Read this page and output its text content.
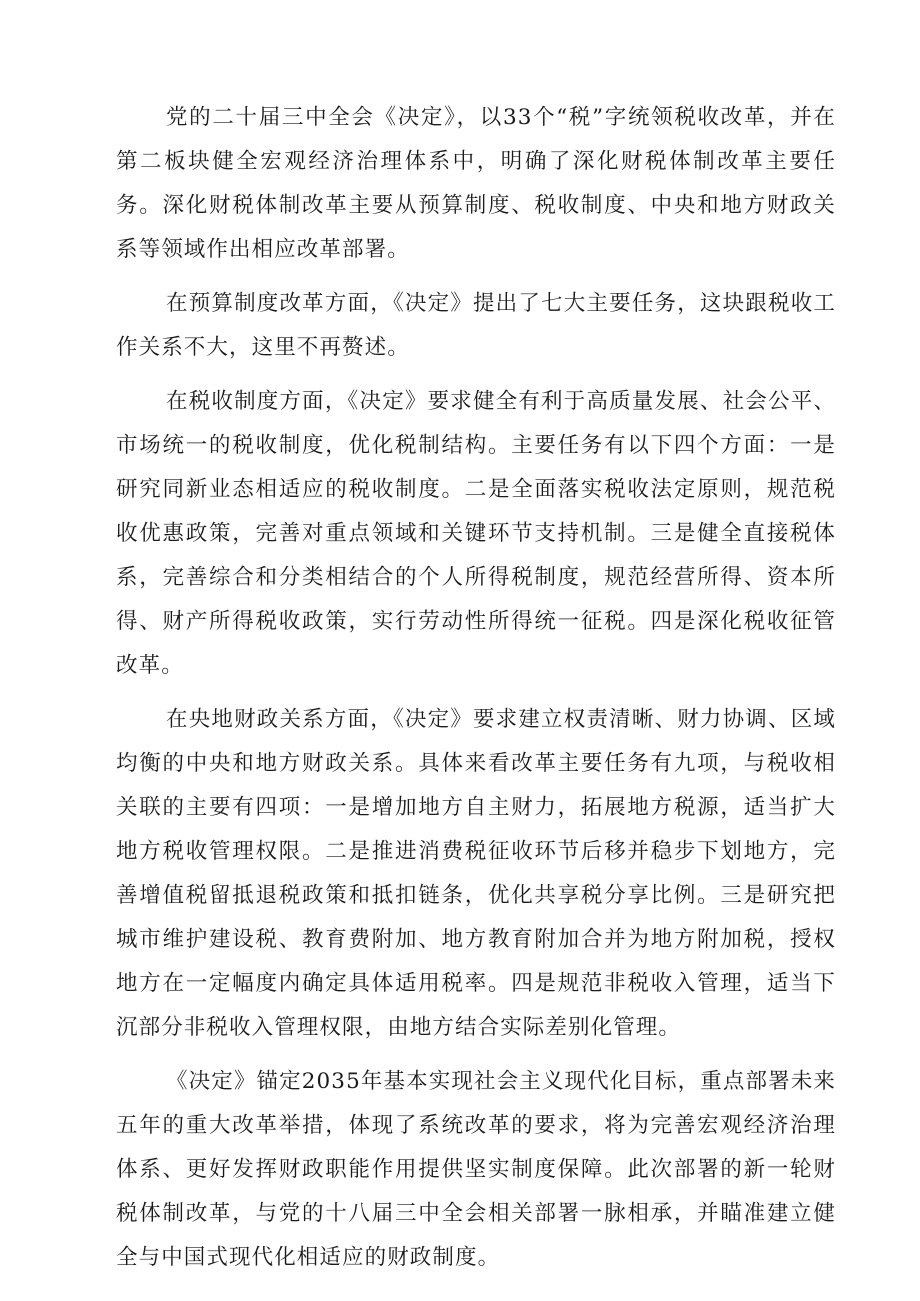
党的二十届三中全会《决定》，以33个“税”字统领税收改革，并在第二板块健全宏观经济治理体系中，明确了深化财税体制改革主要任务。深化财税体制改革主要从预算制度、税收制度、中央和地方财政关系等领域作出相应改革部署。

在预算制度改革方面，《决定》提出了七大主要任务，这块跟税收工作关系不大，这里不再赘述。

在税收制度方面，《决定》要求健全有利于高质量发展、社会公平、市场统一的税收制度，优化税制结构。主要任务有以下四个方面：一是研究同新业态相适应的税收制度。二是全面落实税收法定原则，规范税收优惠政策，完善对重点领域和关键环节支持机制。三是健全直接税体系，完善综合和分类相结合的个人所得税制度，规范经营所得、资本所得、财产所得税收政策，实行劳动性所得统一征税。四是深化税收征管改革。

在央地财政关系方面，《决定》要求建立权责清晰、财力协调、区域均衡的中央和地方财政关系。具体来看改革主要任务有九项，与税收相关联的主要有四项：一是增加地方自主财力，拓展地方税源，适当扩大地方税收管理权限。二是推进消费税征收环节后移并稳步下划地方，完善增值税留抵退税政策和抵扣链条，优化共享税分享比例。三是研究把城市维护建设税、教育费附加、地方教育附加合并为地方附加税，授权地方在一定幅度内确定具体适用税率。四是规范非税收入管理，适当下沉部分非税收入管理权限，由地方结合实际差别化管理。

《决定》锚定2035年基本实现社会主义现代化目标，重点部署未来五年的重大改革举措，体现了系统改革的要求，将为完善宏观经济治理体系、更好发挥财政职能作用提供坚实制度保障。此次部署的新一轮财税体制改革，与党的十八届三中全会相关部署一脉相承，并瞄准建立健全与中国式现代化相适应的财政制度。
